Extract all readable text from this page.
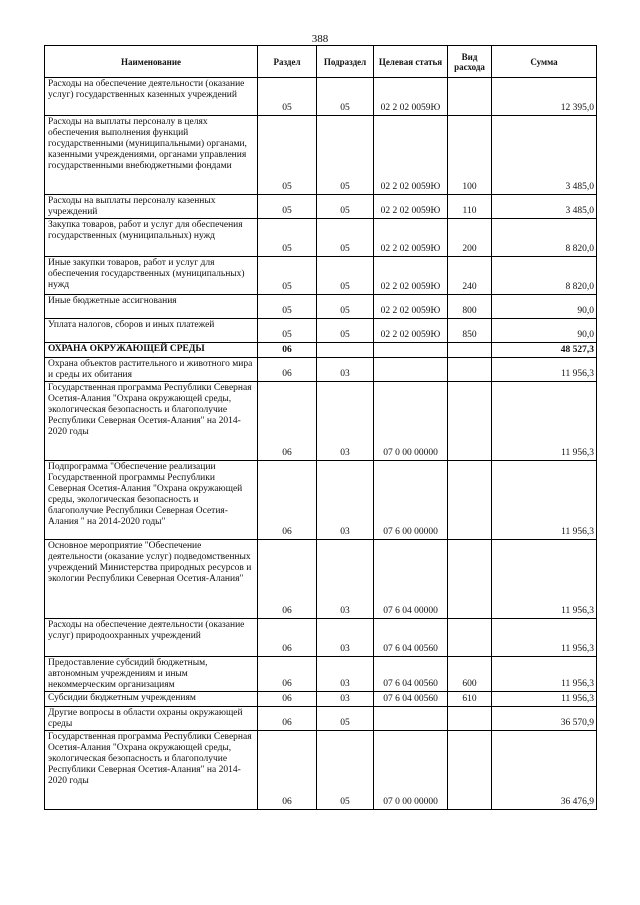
388
Наименование	Раздел	Подраздел	Целевая статья	Вид расхода	Сумма
Расходы на обеспечение деятельности (оказание услуг) государственных казенных учреждений	05	05	02 2 02 0059Ю		12 395,0
Расходы на выплаты персоналу в целях обеспечения выполнения функций государственными (муниципальными) органами, казенными учреждениями, органами управления государственными внебюджетными фондами	05	05	02 2 02 0059Ю	100	3 485,0
Расходы на выплаты персоналу казенных учреждений	05	05	02 2 02 0059Ю	110	3 485,0
Закупка товаров, работ и услуг для обеспечения государственных (муниципальных) нужд	05	05	02 2 02 0059Ю	200	8 820,0
Иные закупки товаров, работ и услуг для обеспечения государственных (муниципальных) нужд	05	05	02 2 02 0059Ю	240	8 820,0
Иные бюджетные ассигнования	05	05	02 2 02 0059Ю	800	90,0
Уплата налогов, сборов и иных платежей	05	05	02 2 02 0059Ю	850	90,0
ОХРАНА ОКРУЖАЮЩЕЙ СРЕДЫ	06				48 527,3
Охрана объектов растительного и животного мира и среды их обитания	06	03			11 956,3
Государственная программа Республики Северная Осетия-Алания "Охрана окружающей среды, экологическая безопасность и благополучие Республики Северная Осетия-Алания" на 2014-2020 годы	06	03	07 0 00 00000		11 956,3
Подпрограмма "Обеспечение реализации Государственной программы Республики Северная Осетия-Алания "Охрана окружающей среды, экологическая безопасность и благополучие Республики Северная Осетия-Алания " на 2014-2020 годы"	06	03	07 6 00 00000		11 956,3
Основное мероприятие "Обеспечение деятельности (оказание услуг) подведомственных учреждений Министерства природных ресурсов и экологии Республики Северная Осетия-Алания"	06	03	07 6 04 00000		11 956,3
Расходы на обеспечение деятельности (оказание услуг) природоохранных учреждений	06	03	07 6 04 00560		11 956,3
Предоставление субсидий бюджетным, автономным учреждениям и иным некоммерческим организациям	06	03	07 6 04 00560	600	11 956,3
Субсидии бюджетным учреждениям	06	03	07 6 04 00560	610	11 956,3
Другие вопросы в области охраны окружающей среды	06	05			36 570,9
Государственная программа Республики Северная Осетия-Алания "Охрана окружающей среды, экологическая безопасность и благополучие Республики Северная Осетия-Алания" на 2014-2020 годы	06	05	07 0 00 00000		36 476,9
